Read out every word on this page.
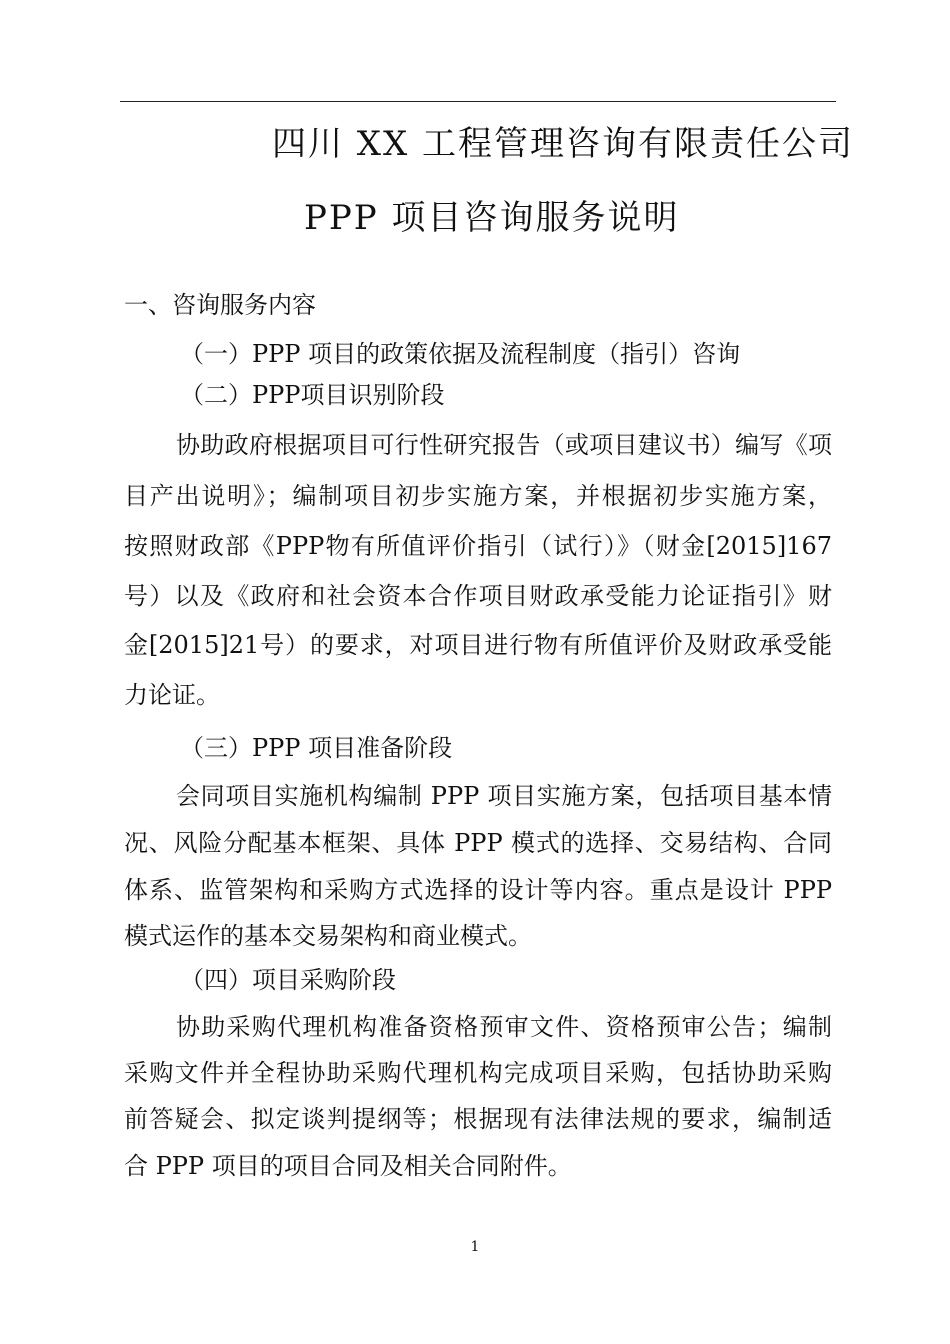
四川 XX 工程管理咨询有限责任公司
PPP 项目咨询服务说明
一、咨询服务内容
（一）PPP 项目的政策依据及流程制度（指引）咨询
（二）PPP项目识别阶段
协助政府根据项目可行性研究报告（或项目建议书）编写《项
目产出说明》；编制项目初步实施方案，并根据初步实施方案，
按照财政部《PPP物有所值评价指引（试行）》（财金[2015]167
号）以及《政府和社会资本合作项目财政承受能力论证指引》财
金[2015]21号）的要求，对项目进行物有所值评价及财政承受能
力论证。
（三）PPP 项目准备阶段
会同项目实施机构编制 PPP 项目实施方案，包括项目基本情
况、风险分配基本框架、具体 PPP 模式的选择、交易结构、合同
体系、监管架构和采购方式选择的设计等内容。重点是设计 PPP
模式运作的基本交易架构和商业模式。
（四）项目采购阶段
协助采购代理机构准备资格预审文件、资格预审公告；编制
采购文件并全程协助采购代理机构完成项目采购，包括协助采购
前答疑会、拟定谈判提纲等；根据现有法律法规的要求，编制适
合 PPP 项目的项目合同及相关合同附件。
1
